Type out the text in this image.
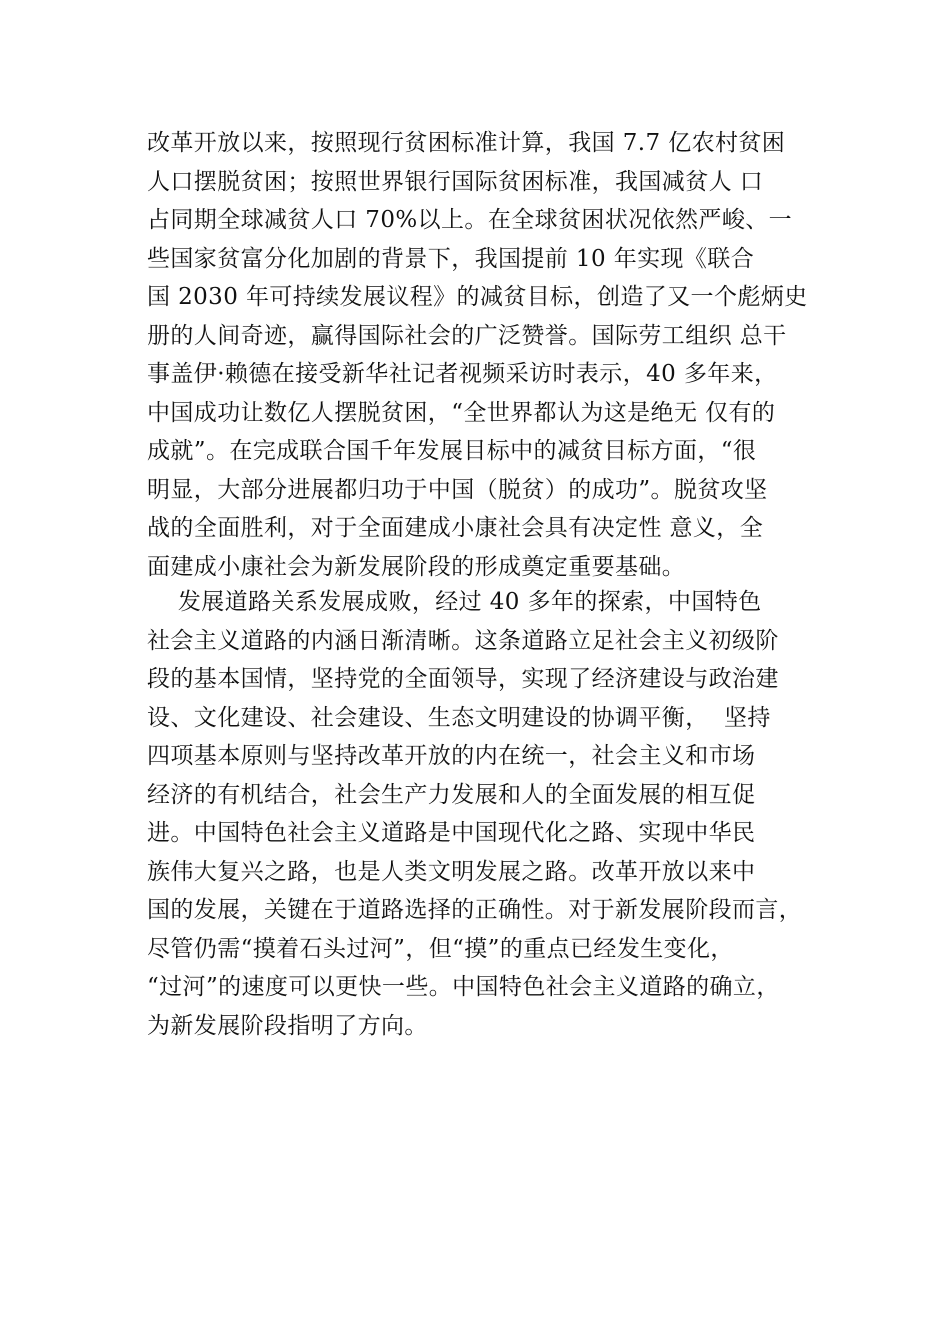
改革开放以来，按照现行贫困标准计算，我国 7.7 亿农村贫困
人口摆脱贫困；按照世界银行国际贫困标准，我国减贫人 口
占同期全球减贫人口 70%以上。在全球贫困状况依然严峻、一
些国家贫富分化加剧的背景下，我国提前 10 年实现《联合
国 2030 年可持续发展议程》的减贫目标，创造了又一个彪炳史
册的人间奇迹，赢得国际社会的广泛赞誉。国际劳工组织 总干
事盖伊·赖德在接受新华社记者视频采访时表示，40 多年来，
中国成功让数亿人摆脱贫困，“全世界都认为这是绝无 仅有的
成就”。在完成联合国千年发展目标中的减贫目标方面，“很
明显，大部分进展都归功于中国（脱贫）的成功”。脱贫攻坚
战的全面胜利，对于全面建成小康社会具有决定性 意义，全
面建成小康社会为新发展阶段的形成奠定重要基础。
发展道路关系发展成败，经过 40 多年的探索，中国特色
社会主义道路的内涵日渐清晰。这条道路立足社会主义初级阶
段的基本国情，坚持党的全面领导，实现了经济建设与政治建
设、文化建设、社会建设、生态文明建设的协调平衡，  坚持
四项基本原则与坚持改革开放的内在统一，社会主义和市场
经济的有机结合，社会生产力发展和人的全面发展的相互促
进。中国特色社会主义道路是中国现代化之路、实现中华民
族伟大复兴之路，也是人类文明发展之路。改革开放以来中
国的发展，关键在于道路选择的正确性。对于新发展阶段而言，
尽管仍需“摸着石头过河”，但“摸”的重点已经发生变化，
“过河”的速度可以更快一些。中国特色社会主义道路的确立，
为新发展阶段指明了方向。
